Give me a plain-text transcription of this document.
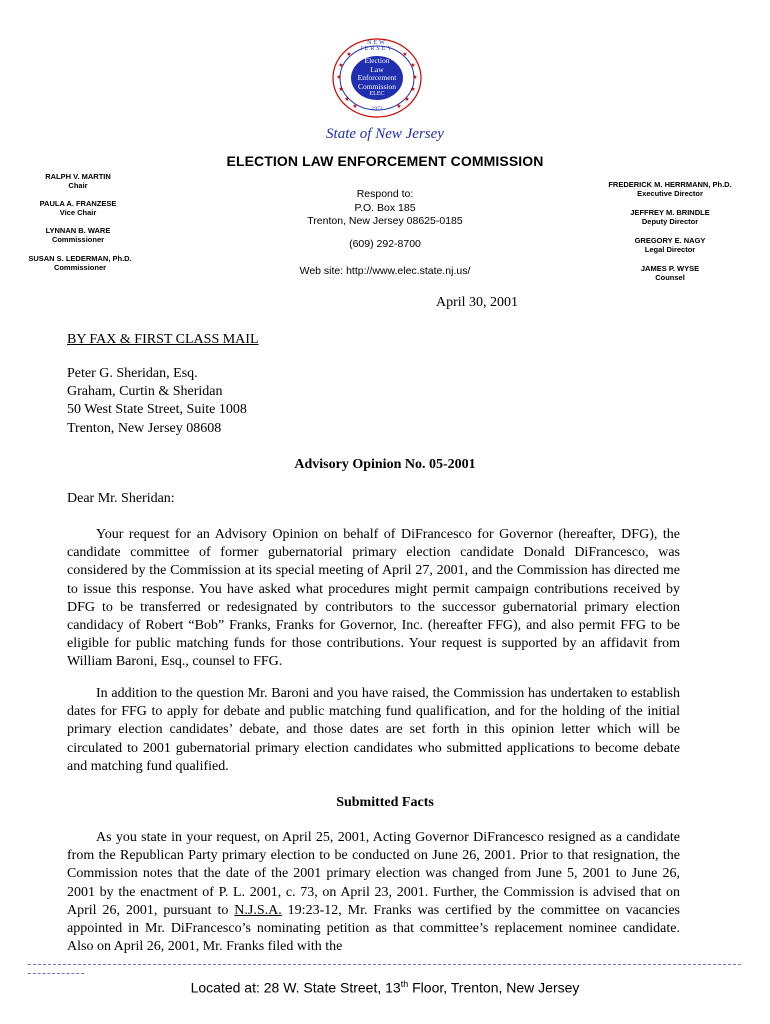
★
★
★
★
★
★
★
★
★
★
★	★
NEW JERSEY
Election
Law
Enforcement
Commission
ELEC
1973
State of New Jersey
ELECTION LAW ENFORCEMENT COMMISSION
RALPH V. MARTIN
Chair
PAULA A. FRANZESE
Vice Chair
LYNNAN B. WARE
Commissioner
SUSAN S. LEDERMAN, Ph.D.
Commissioner
FREDERICK M. HERRMANN, Ph.D.
Executive Director
JEFFREY M. BRINDLE
Deputy Director
GREGORY E. NAGY
Legal Director
JAMES P. WYSE
Counsel
Respond to:
P.O. Box 185
Trenton, New Jersey 08625-0185
(609) 292-8700
Web site: http://www.elec.state.nj.us/
April 30, 2001
BY FAX & FIRST CLASS MAIL
Peter G. Sheridan, Esq.
Graham, Curtin & Sheridan
50 West State Street, Suite 1008
Trenton, New Jersey 08608
Advisory Opinion No. 05-2001
Dear Mr. Sheridan:
Your request for an Advisory Opinion on behalf of DiFrancesco for Governor (hereafter, DFG), the candidate committee of former gubernatorial primary election candidate Donald DiFrancesco, was considered by the Commission at its special meeting of April 27, 2001, and the Commission has directed me to issue this response. You have asked what procedures might permit campaign contributions received by DFG to be transferred or redesignated by contributors to the successor gubernatorial primary election candidacy of Robert “Bob” Franks, Franks for Governor, Inc. (hereafter FFG), and also permit FFG to be eligible for public matching funds for those contributions. Your request is supported by an affidavit from William Baroni, Esq., counsel to FFG.
In addition to the question Mr. Baroni and you have raised, the Commission has undertaken to establish dates for FFG to apply for debate and public matching fund qualification, and for the holding of the initial primary election candidates’ debate, and those dates are set forth in this opinion letter which will be circulated to 2001 gubernatorial primary election candidates who submitted applications to become debate and matching fund qualified.
Submitted Facts
As you state in your request, on April 25, 2001, Acting Governor DiFrancesco resigned as a candidate from the Republican Party primary election to be conducted on June 26, 2001. Prior to that resignation, the Commission notes that the date of the 2001 primary election was changed from June 5, 2001 to June 26, 2001 by the enactment of P. L. 2001, c. 73, on April 23, 2001. Further, the Commission is advised that on April 26, 2001, pursuant to N.J.S.A. 19:23-12, Mr. Franks was certified by the committee on vacancies appointed in Mr. DiFrancesco’s nominating petition as that committee’s replacement nominee candidate. Also on April 26, 2001, Mr. Franks filed with the
Located at: 28 W. State Street, 13th Floor, Trenton, New Jersey
